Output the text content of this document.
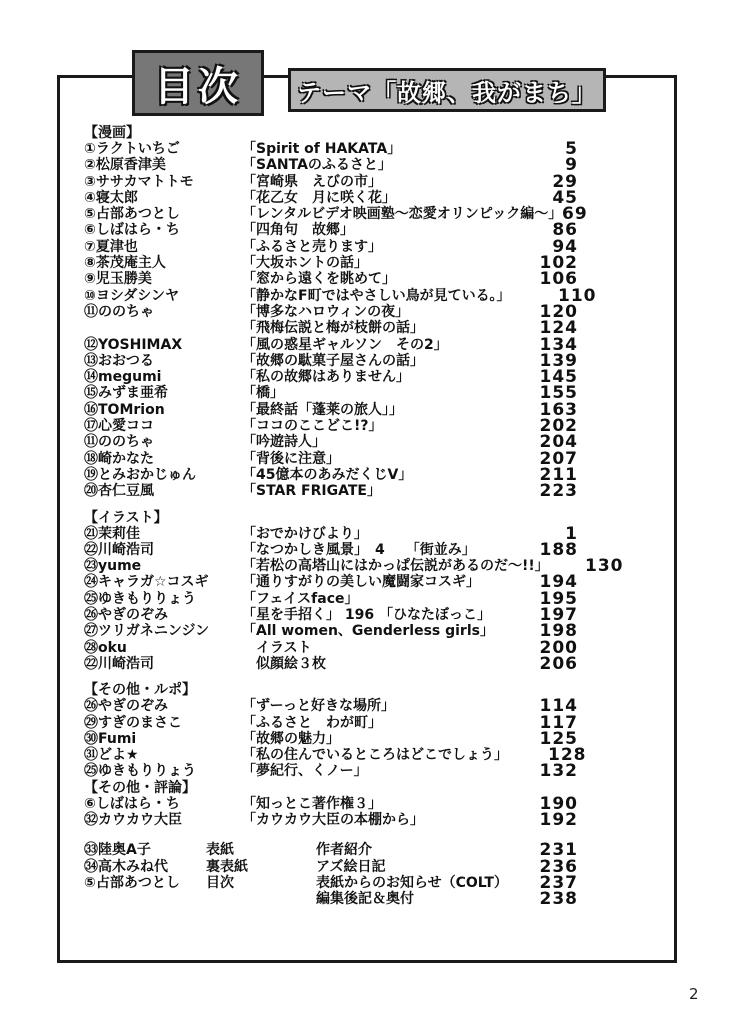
目次 テーマ「故郷、我がまち」
【漫画】
①ラクトいちご	「Spirit of HAKATA」	5
②松原香津美	「SANTAのふるさと」	9
③ササカマトトモ	「宮崎県　えびの市」	29
④寝太郎	「花乙女　月に咲く花」	45
⑤占部あつとし	「レンタルビデオ映画塾～恋愛オリンピック編～」 69
⑥しばはら・ち	「四角句　故郷」	86
⑦夏津也	「ふるさと売ります」	94
⑧茶茂庵主人	「大坂ホントの話」	102
⑨児玉勝美	「窓から遠くを眺めて」	106
⑩ヨシダシンヤ	「静かなF町ではやさしい鳥が見ている。」	110
⑪ののちゃ	「博多なハロウィンの夜」	120
「飛梅伝説と梅が枝餅の話」	124
⑫YOSHIMAX	「風の惑星ギャルソン　その2」	134
⑬おおつる	「故郷の駄菓子屋さんの話」	139
⑭megumi	「私の故郷はありません」	145
⑮みずま亜希	「橋」	155
⑯TOMrion	「最終話「蓬莱の旅人」」	163
⑰心愛ココ	「ココのここどこ!?」	202
⑪ののちゃ	「吟遊詩人」	204
⑱崎かなた	「背後に注意」	207
⑲とみおかじゅん	「45億本のあみだくじV」	211
⑳杏仁豆風	「STAR FRIGATE」	223
【イラスト】
㉑茉莉佳	「おでかけびより」	1
㉒川崎浩司	「なつかしき風景」　4　　「街並み」	188
㉓yume	「若松の高塔山にはかっぱ伝説があるのだ～!!」 130
㉔キャラガ☆コスギ 「通りすがりの美しい魔闘家コスギ」	194
㉕ゆきもりりょう	「フェイスface」	195
㉖やぎのぞみ	「星を手招く」 196 「ひなたぼっこ」	197
㉗ツリガネニンジン 「All women、Genderless girls」	198
㉘oku	　イラスト	200
㉒川崎浩司	　似顔絵３枚	206
【その他・ルポ】
㉖やぎのぞみ	「ずーっと好きな場所」	114
㉙すぎのまさこ	「ふるさと　わが町」	117
㉚Fumi	「故郷の魅力」	125
㉛どよ★	「私の住んでいるところはどこでしょう」 128
㉕ゆきもりりょう	「夢紀行、くノー」	132
【その他・評論】
⑥しばはら・ち	「知っとこ著作権３」	190
㉜カウカウ大臣	「カウカウ大臣の本棚から」	192
㉝陸奥A子	表紙	作者紹介	231
㉞高木みね代	裏表紙	アズ絵日記	236
⑤占部あつとし 目次	表紙からのお知らせ（COLT） 237
編集後記＆奥付	238
2
